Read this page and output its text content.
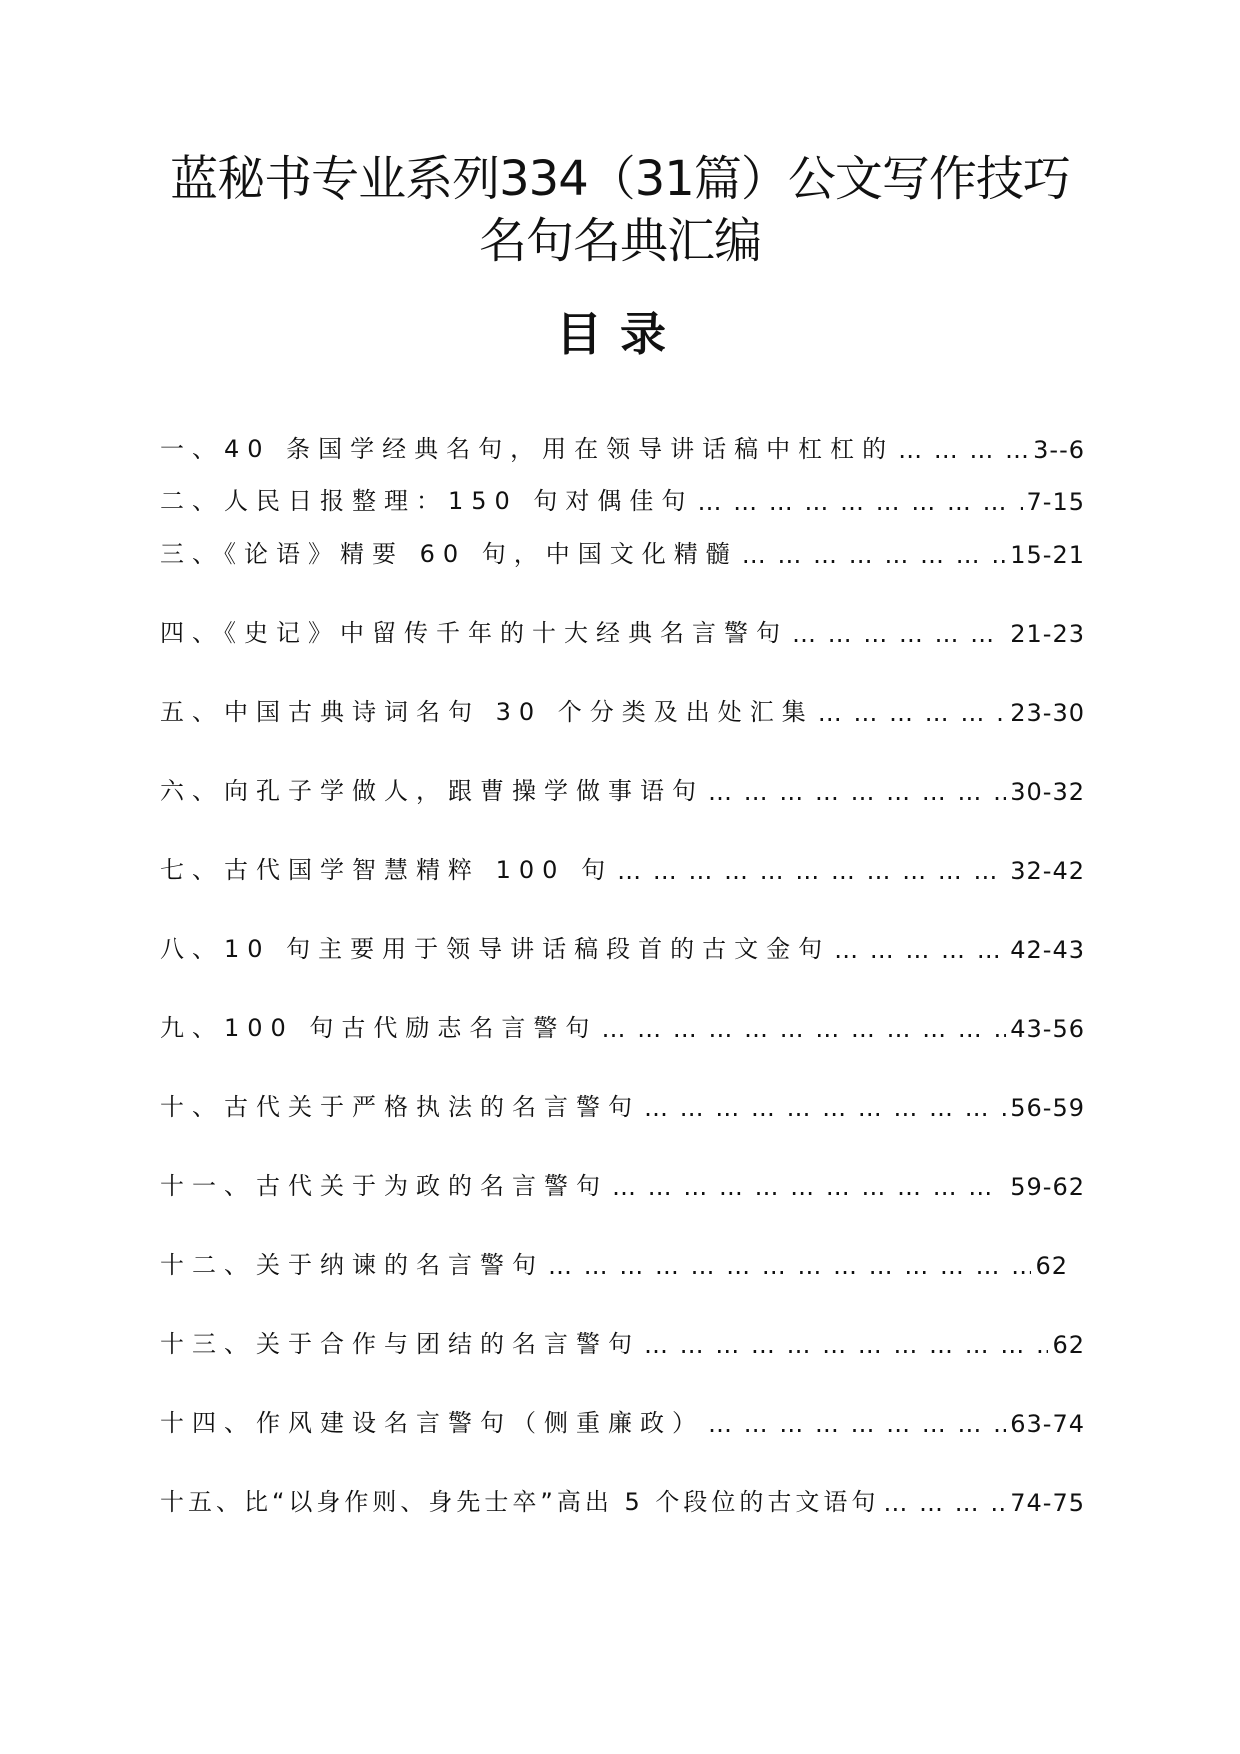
蓝秘书专业系列334（31篇）公文写作技巧名句名典汇编
目录
一、40 条国学经典名句，用在领导讲话稿中杠杠的 … … … … … … … … … … … … … … … … … … … … … … … … … … … … … … … … … … … …	3--6
二、人民日报整理：150 句对偶佳句 … … … … … … … … … … … … … … … … … … … … … … … … … … … … … … … … … … … …	7-15
三、《论语》精要 60 句，中国文化精髓 … … … … … … … … … … … … … … … … … … … … … … … … … … … … … … … … … … … …	15-21
四、《史记》中留传千年的十大经典名言警句 … … … … … … … … … … … … … … … … … … … … … … … … … … … … … … … … … … … …	21-23
五、中国古典诗词名句 30 个分类及出处汇集 … … … … … … … … … … … … … … … … … … … … … … … … … … … … … … … … … … … …	23-30
六、向孔子学做人，跟曹操学做事语句 … … … … … … … … … … … … … … … … … … … … … … … … … … … … … … … … … … … …	30-32
七、古代国学智慧精粹 100 句 … … … … … … … … … … … … … … … … … … … … … … … … … … … … … … … … … … … …	32-42
八、10 句主要用于领导讲话稿段首的古文金句 … … … … … … … … … … … … … … … … … … … … … … … … … … … … … … … … … … … …	42-43
九、100 句古代励志名言警句 … … … … … … … … … … … … … … … … … … … … … … … … … … … … … … … … … … … …	43-56
十、古代关于严格执法的名言警句 … … … … … … … … … … … … … … … … … … … … … … … … … … … … … … … … … … … …	56-59
十一、古代关于为政的名言警句 … … … … … … … … … … … … … … … … … … … … … … … … … … … … … … … … … … … …	59-62
十二、关于纳谏的名言警句 … … … … … … … … … … … … … … … … … … … … … … … … … … … … … … … … … … … …	62
十三、关于合作与团结的名言警句 … … … … … … … … … … … … … … … … … … … … … … … … … … … … … … … … … … … …	62
十四、作风建设名言警句（侧重廉政） … … … … … … … … … … … … … … … … … … … … … … … … … … … … … … … … … … … …	63-74
十五、比“以身作则、身先士卒”高出 5 个段位的古文语句 … … … … … … … … … … … … … … … … … … … … … … … … … … … … … … … … … … … …	74-75
